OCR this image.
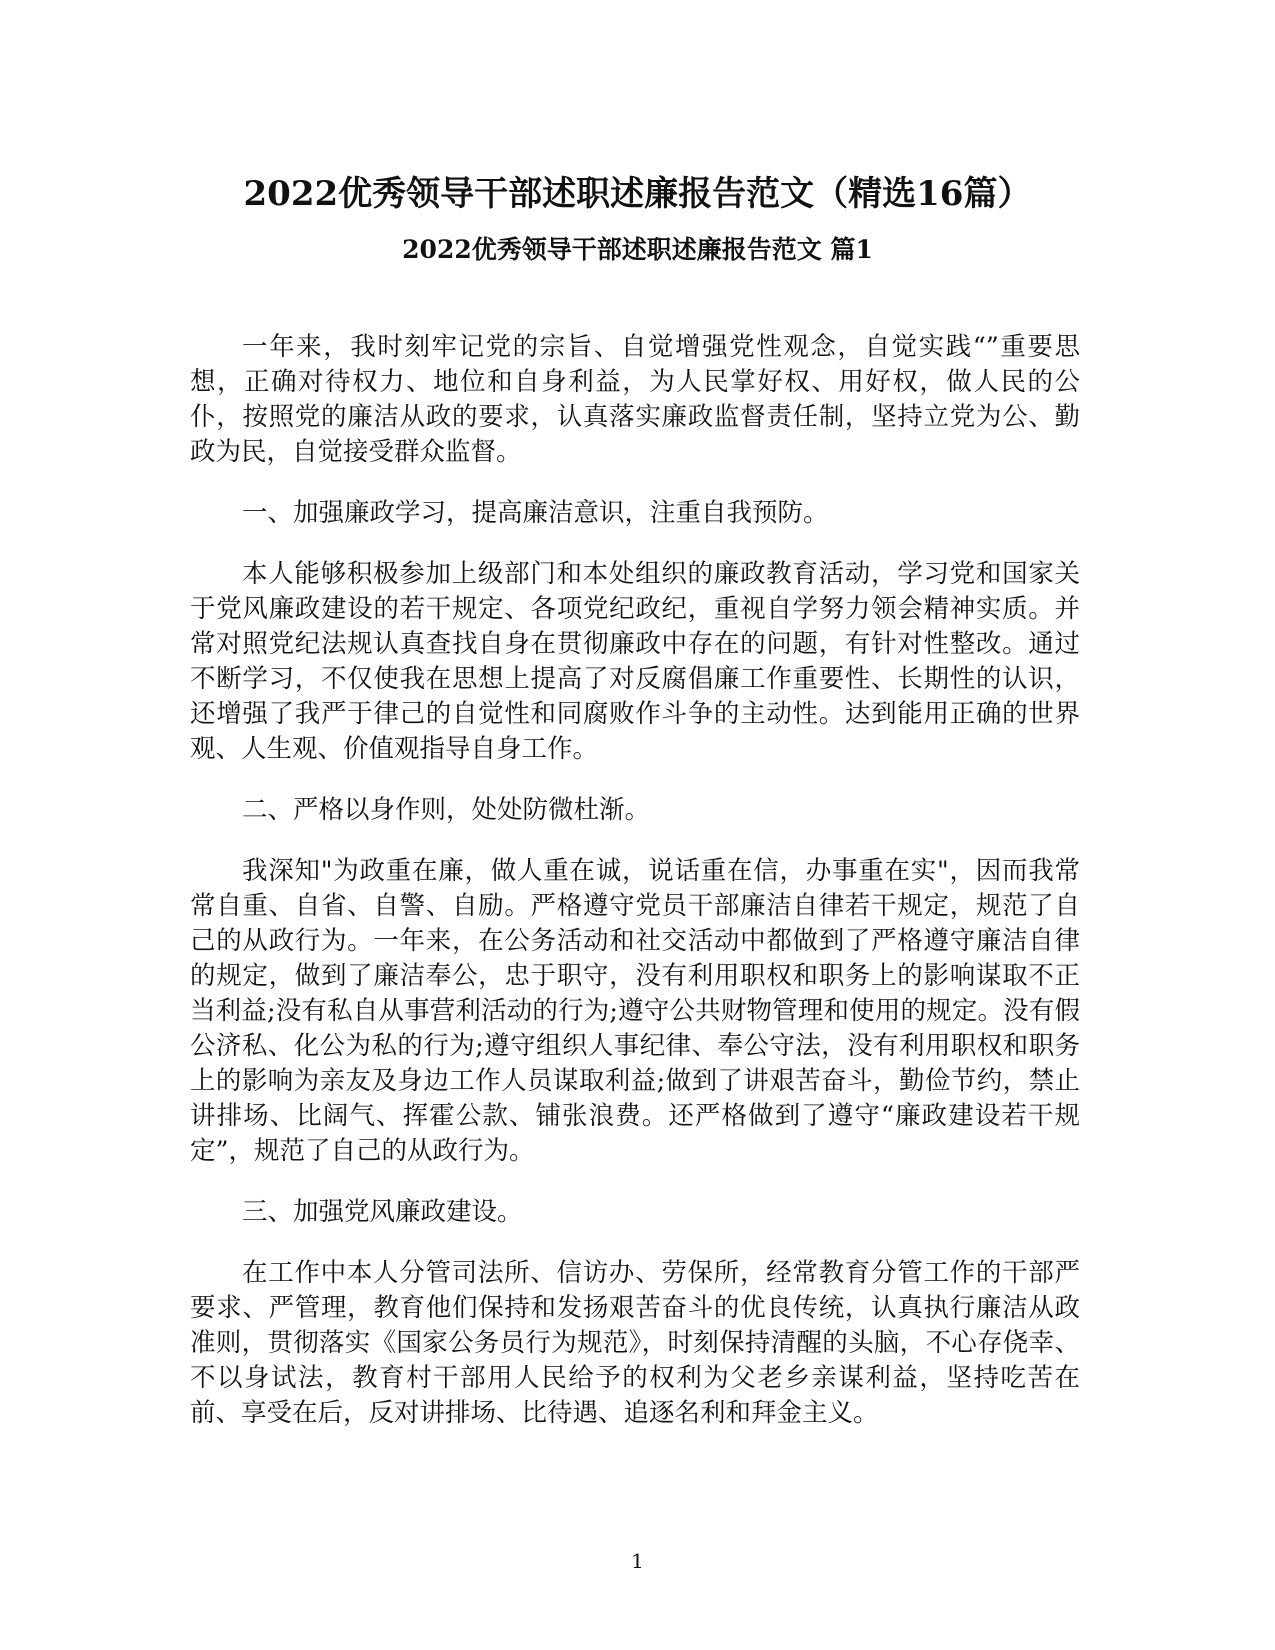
2022优秀领导干部述职述廉报告范文（精选16篇）
2022优秀领导干部述职述廉报告范文 篇1

一年来，我时刻牢记党的宗旨、自觉增强党性观念，自觉实践“”重要思想，正确对待权力、地位和自身利益，为人民掌好权、用好权，做人民的公仆，按照党的廉洁从政的要求，认真落实廉政监督责任制，坚持立党为公、勤政为民，自觉接受群众监督。

一、加强廉政学习，提高廉洁意识，注重自我预防。

本人能够积极参加上级部门和本处组织的廉政教育活动，学习党和国家关于党风廉政建设的若干规定、各项党纪政纪，重视自学努力领会精神实质。并常对照党纪法规认真查找自身在贯彻廉政中存在的问题，有针对性整改。通过不断学习，不仅使我在思想上提高了对反腐倡廉工作重要性、长期性的认识，还增强了我严于律己的自觉性和同腐败作斗争的主动性。达到能用正确的世界观、人生观、价值观指导自身工作。

二、严格以身作则，处处防微杜渐。

我深知"为政重在廉，做人重在诚，说话重在信，办事重在实"，因而我常常自重、自省、自警、自励。严格遵守党员干部廉洁自律若干规定，规范了自己的从政行为。一年来，在公务活动和社交活动中都做到了严格遵守廉洁自律的规定，做到了廉洁奉公，忠于职守，没有利用职权和职务上的影响谋取不正当利益;没有私自从事营利活动的行为;遵守公共财物管理和使用的规定。没有假公济私、化公为私的行为;遵守组织人事纪律、奉公守法，没有利用职权和职务上的影响为亲友及身边工作人员谋取利益;做到了讲艰苦奋斗，勤俭节约，禁止讲排场、比阔气、挥霍公款、铺张浪费。还严格做到了遵守“廉政建设若干规定”，规范了自己的从政行为。

三、加强党风廉政建设。

在工作中本人分管司法所、信访办、劳保所，经常教育分管工作的干部严要求、严管理，教育他们保持和发扬艰苦奋斗的优良传统，认真执行廉洁从政准则，贯彻落实《国家公务员行为规范》，时刻保持清醒的头脑，不心存侥幸、不以身试法，教育村干部用人民给予的权利为父老乡亲谋利益，坚持吃苦在前、享受在后，反对讲排场、比待遇、追逐名利和拜金主义。

1
